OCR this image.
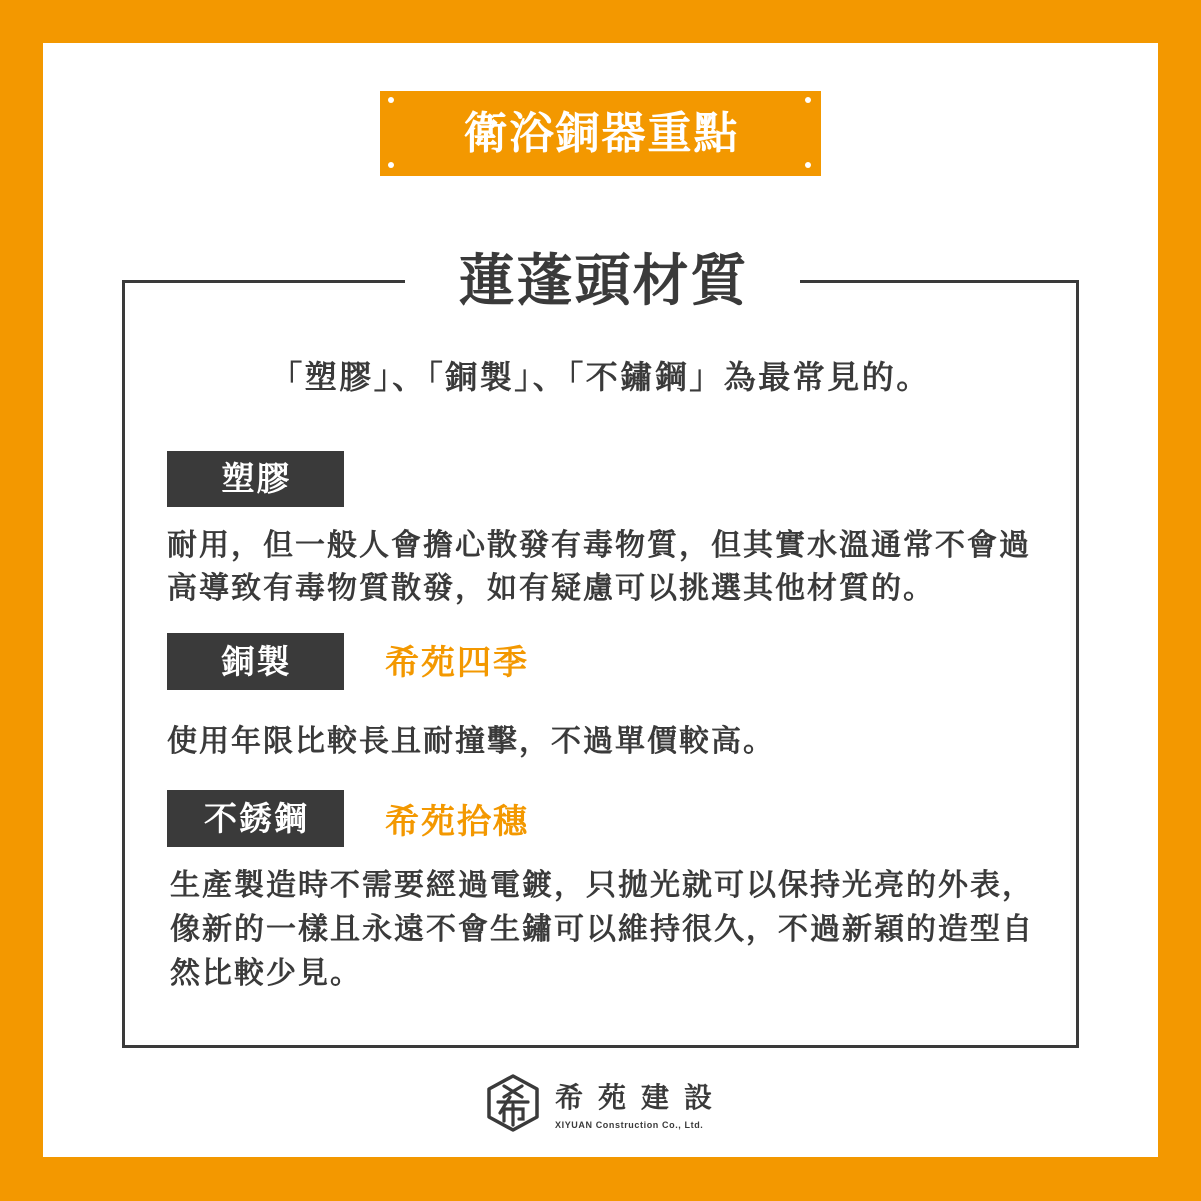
衛浴銅器重點
蓮蓬頭材質
「塑膠」、「銅製」、「不鏽鋼」為最常見的。
塑膠
耐用，但一般人會擔心散發有毒物質，但其實水溫通常不會過
高導致有毒物質散發，如有疑慮可以挑選其他材質的。
銅製	希苑四季
使用年限比較長且耐撞擊，不過單價較高。
不銹鋼	希苑拾穗
生產製造時不需要經過電鍍，只拋光就可以保持光亮的外表，
像新的一樣且永遠不會生鏽可以維持很久，不過新穎的造型自
然比較少見。
希苑建設
XIYUAN Construction Co., Ltd.
